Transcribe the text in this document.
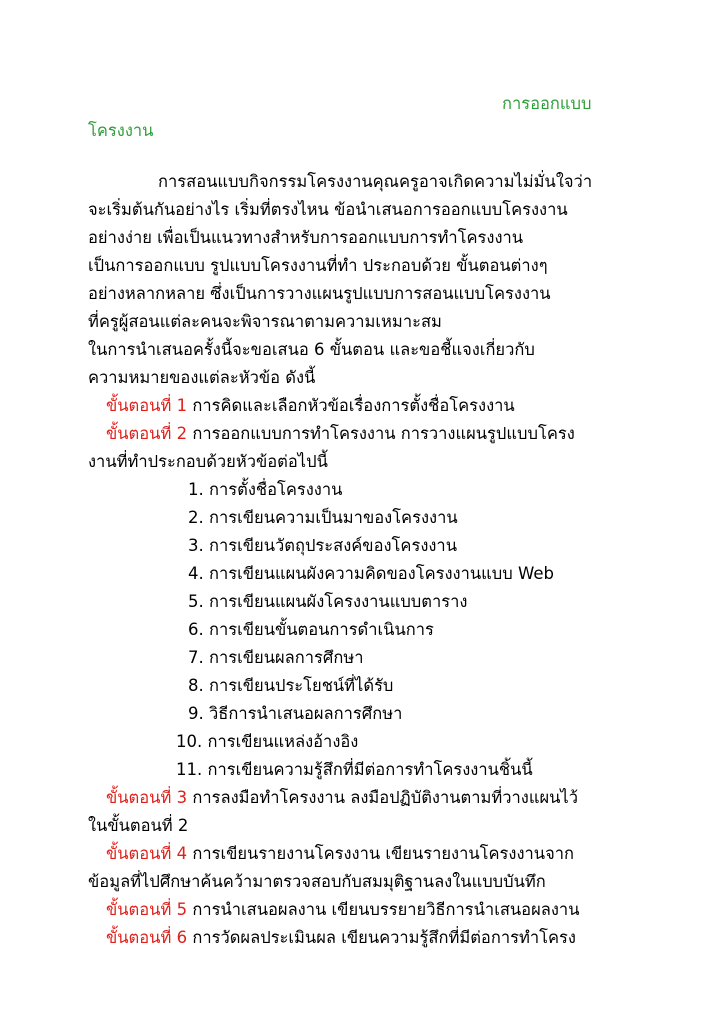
การออกแบบ
โครงงาน
การสอนแบบกิจกรรมโครงงานคุณครูอาจเกิดความไม่มั่นใจว่า
จะเริ่มต้นกันอย่างไร เริ่มที่ตรงไหน ข้อนำเสนอการออกแบบโครงงาน
อย่างง่าย เพื่อเป็นแนวทางสำหรับการออกแบบการทำโครงงาน
เป็นการออกแบบ รูปแบบโครงงานที่ทำ ประกอบด้วย ขั้นตอนต่างๆ
อย่างหลากหลาย ซึ่งเป็นการวางแผนรูปแบบการสอนแบบโครงงาน
ที่ครูผู้สอนแต่ละคนจะพิจารณาตามความเหมาะสม
ในการนำเสนอครั้งนี้จะขอเสนอ 6 ขั้นตอน และขอชี้แจงเกี่ยวกับ
ความหมายของแต่ละหัวข้อ ดังนี้
ขั้นตอนที่ 1 การคิดและเลือกหัวข้อเรื่องการตั้งชื่อโครงงาน
ขั้นตอนที่ 2 การออกแบบการทำโครงงาน การวางแผนรูปแบบโครง
งานที่ทำประกอบด้วยหัวข้อต่อไปนี้
1. การตั้งชื่อโครงงาน
2. การเขียนความเป็นมาของโครงงาน
3. การเขียนวัตถุประสงค์ของโครงงาน
4. การเขียนแผนผังความคิดของโครงงานแบบ Web
5. การเขียนแผนผังโครงงานแบบตาราง
6. การเขียนขั้นตอนการดำเนินการ
7. การเขียนผลการศึกษา
8. การเขียนประโยชน์ที่ได้รับ
9. วิธีการนำเสนอผลการศึกษา
10. การเขียนแหล่งอ้างอิง
11. การเขียนความรู้สึกที่มีต่อการทำโครงงานชิ้นนี้
ขั้นตอนที่ 3 การลงมือทำโครงงาน ลงมือปฏิบัติงานตามที่วางแผนไว้
ในขั้นตอนที่ 2
ขั้นตอนที่ 4 การเขียนรายงานโครงงาน เขียนรายงานโครงงานจาก
ข้อมูลที่ไปศึกษาค้นคว้ามาตรวจสอบกับสมมุติฐานลงในแบบบันทึก
ขั้นตอนที่ 5 การนำเสนอผลงาน เขียนบรรยายวิธีการนำเสนอผลงาน
ขั้นตอนที่ 6 การวัดผลประเมินผล เขียนความรู้สึกที่มีต่อการทำโครง
